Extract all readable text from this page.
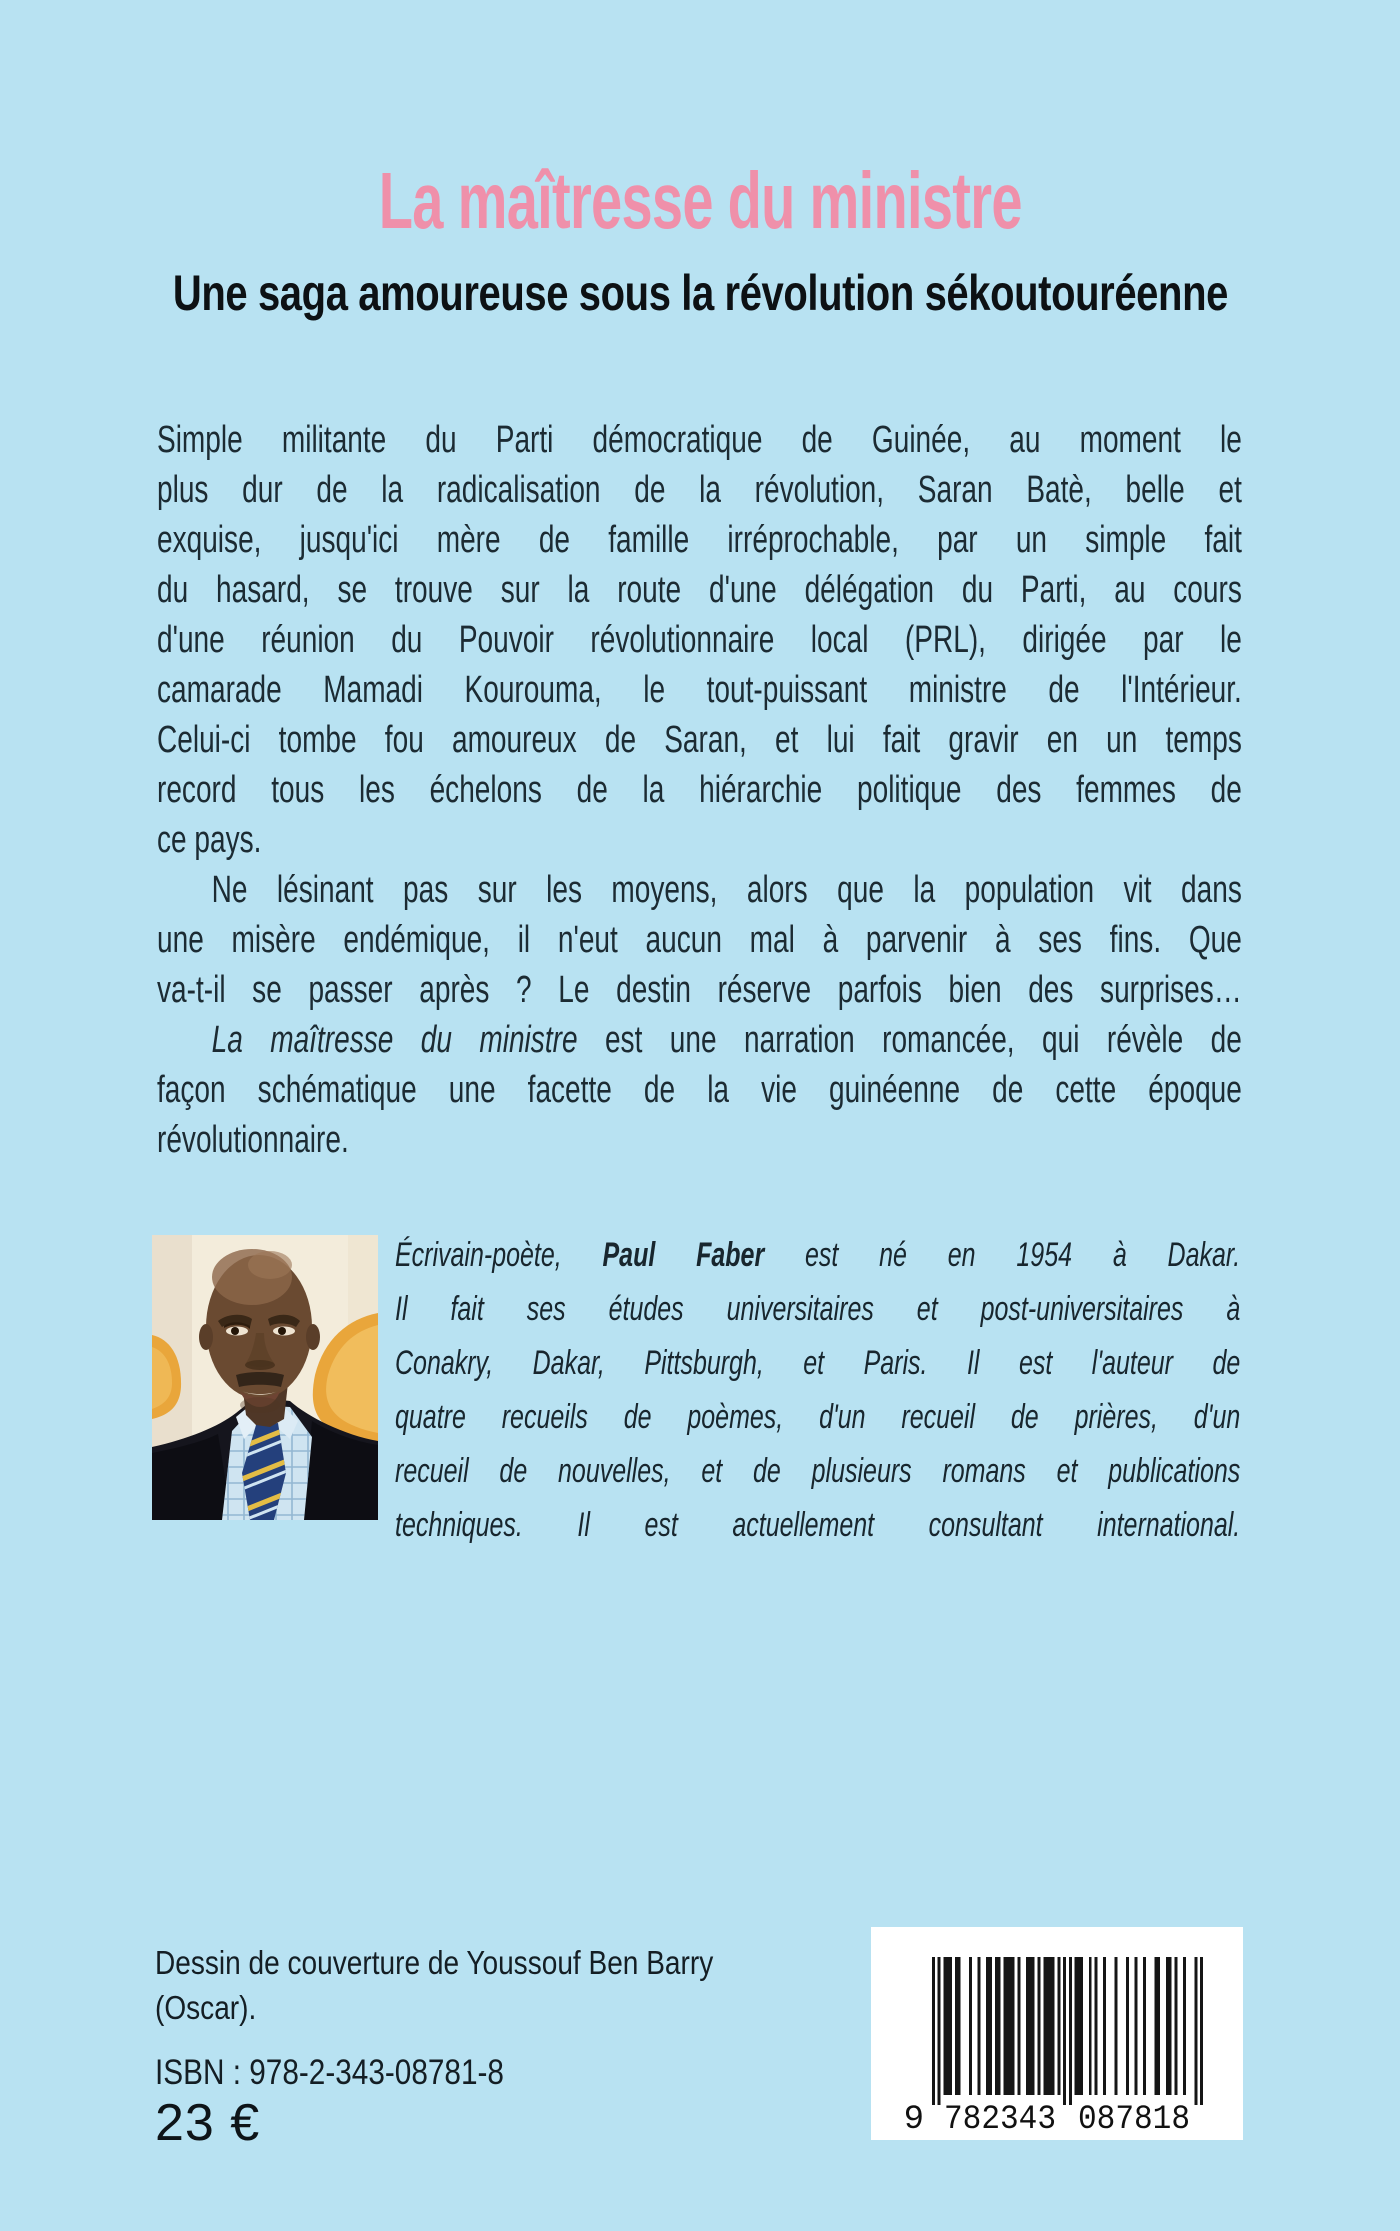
La maîtresse du ministre
Une saga amoureuse sous la révolution sékoutouréenne
Simple militante du Parti démocratique de Guinée, au moment le
plus dur de la radicalisation de la révolution, Saran Batè, belle et
exquise, jusqu'ici mère de famille irréprochable, par un simple fait
du hasard, se trouve sur la route d'une délégation du Parti, au cours
d'une réunion du Pouvoir révolutionnaire local (PRL), dirigée par le
camarade Mamadi Kourouma, le tout-puissant ministre de l'Intérieur.
Celui-ci tombe fou amoureux de Saran, et lui fait gravir en un temps
record tous les échelons de la hiérarchie politique des femmes de
ce pays.
Ne lésinant pas sur les moyens, alors que la population vit dans
une misère endémique, il n'eut aucun mal à parvenir à ses fins. Que
va-t-il se passer après ? Le destin réserve parfois bien des surprises…
La maîtresse du ministre est une narration romancée, qui révèle de
façon schématique une facette de la vie guinéenne de cette époque
révolutionnaire.
Écrivain-poète, Paul Faber est né en 1954 à Dakar.
Il fait ses études universitaires et post-universitaires à
Conakry, Dakar, Pittsburgh, et Paris. Il est l'auteur de
quatre recueils de poèmes, d'un recueil de prières, d'un
recueil de nouvelles, et de plusieurs romans et publications
techniques. Il est actuellement consultant international.
Dessin de couverture de Youssouf Ben Barry
(Oscar).
ISBN : 978-2-343-08781-8
23 €	9 782343 087818
